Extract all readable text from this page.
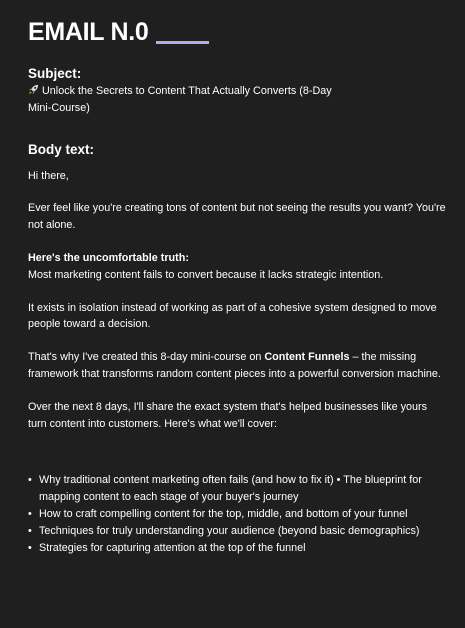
EMAIL N.0
Subject:

Unlock the Secrets to Content That Actually Converts (8-Day
Mini-Course)

Body text:

Hi there,

Ever feel like you're creating tons of content but not seeing the results you want? You're not alone.

Here's the uncomfortable truth:
Most marketing content fails to convert because it lacks strategic intention.

It exists in isolation instead of working as part of a cohesive system designed to move people toward a decision.

That's why I've created this 8-day mini-course on Content Funnels – the missing framework that transforms random content pieces into a powerful conversion machine.

Over the next 8 days, I'll share the exact system that's helped businesses like yours turn content into customers. Here's what we'll cover:

• Why traditional content marketing often fails (and how to fix it) • The blueprint for mapping content to each stage of your buyer's journey
• How to craft compelling content for the top, middle, and bottom of your funnel
• Techniques for truly understanding your audience (beyond basic demographics)
• Strategies for capturing attention at the top of the funnel
